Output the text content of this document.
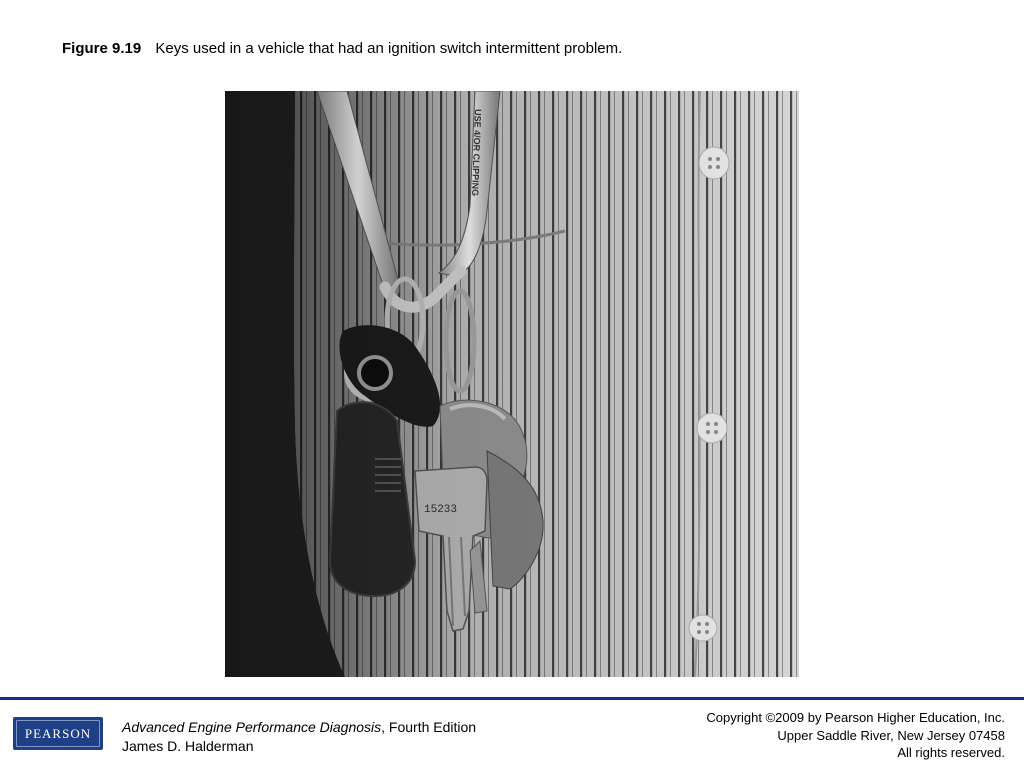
Figure 9.19 Keys used in a vehicle that had an ignition switch intermittent problem.
USE 4/OR CLIPPING
15233
PEARSON	Advanced Engine Performance Diagnosis, Fourth Edition
James D. Halderman
Copyright ©2009 by Pearson Higher Education, Inc.
Upper Saddle River, New Jersey 07458
All rights reserved.
